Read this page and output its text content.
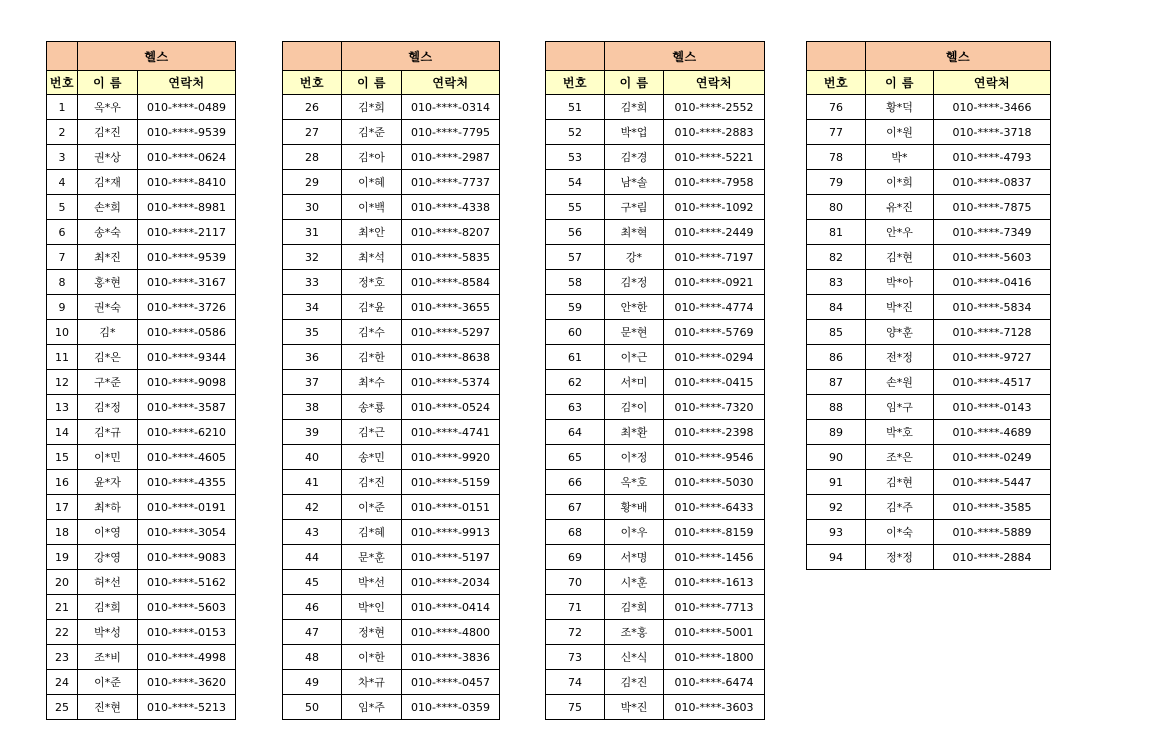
	헬스	
번호	이 름	연락처
1	옥*우	010-****-0489
2	김*진	010-****-9539
3	권*상	010-****-0624
4	김*재	010-****-8410
5	손*희	010-****-8981
6	송*숙	010-****-2117
7	최*진	010-****-9539
8	홍*현	010-****-3167
9	권*숙	010-****-3726
10	김*	010-****-0586
11	김*은	010-****-9344
12	구*준	010-****-9098
13	김*정	010-****-3587
14	김*규	010-****-6210
15	이*민	010-****-4605
16	윤*자	010-****-4355
17	최*하	010-****-0191
18	이*영	010-****-3054
19	강*영	010-****-9083
20	허*선	010-****-5162
21	김*희	010-****-5603
22	박*성	010-****-0153
23	조*비	010-****-4998
24	이*준	010-****-3620
25	진*현	010-****-5213
	헬스	
번호	이 름	연락처
26	김*희	010-****-0314
27	김*준	010-****-7795
28	김*아	010-****-2987
29	이*혜	010-****-7737
30	이*백	010-****-4338
31	최*안	010-****-8207
32	최*석	010-****-5835
33	정*호	010-****-8584
34	김*윤	010-****-3655
35	김*수	010-****-5297
36	김*한	010-****-8638
37	최*수	010-****-5374
38	송*룡	010-****-0524
39	김*근	010-****-4741
40	송*민	010-****-9920
41	김*진	010-****-5159
42	이*준	010-****-0151
43	김*혜	010-****-9913
44	문*훈	010-****-5197
45	박*선	010-****-2034
46	박*인	010-****-0414
47	정*현	010-****-4800
48	이*한	010-****-3836
49	차*규	010-****-0457
50	임*주	010-****-0359
	헬스	
번호	이 름	연락처
51	김*희	010-****-2552
52	박*업	010-****-2883
53	김*경	010-****-5221
54	남*솔	010-****-7958
55	구*림	010-****-1092
56	최*혁	010-****-2449
57	강*	010-****-7197
58	김*정	010-****-0921
59	안*한	010-****-4774
60	문*현	010-****-5769
61	이*근	010-****-0294
62	서*미	010-****-0415
63	김*이	010-****-7320
64	최*환	010-****-2398
65	이*정	010-****-9546
66	옥*호	010-****-5030
67	황*배	010-****-6433
68	이*우	010-****-8159
69	서*명	010-****-1456
70	시*훈	010-****-1613
71	김*희	010-****-7713
72	조*홍	010-****-5001
73	신*식	010-****-1800
74	김*진	010-****-6474
75	박*진	010-****-3603
	헬스	
번호	이 름	연락처
76	황*덕	010-****-3466
77	이*원	010-****-3718
78	박*	010-****-4793
79	이*희	010-****-0837
80	유*진	010-****-7875
81	안*우	010-****-7349
82	김*현	010-****-5603
83	박*아	010-****-0416
84	박*진	010-****-5834
85	양*훈	010-****-7128
86	전*정	010-****-9727
87	손*원	010-****-4517
88	임*구	010-****-0143
89	박*호	010-****-4689
90	조*은	010-****-0249
91	김*현	010-****-5447
92	김*주	010-****-3585
93	이*숙	010-****-5889
94	정*정	010-****-2884
